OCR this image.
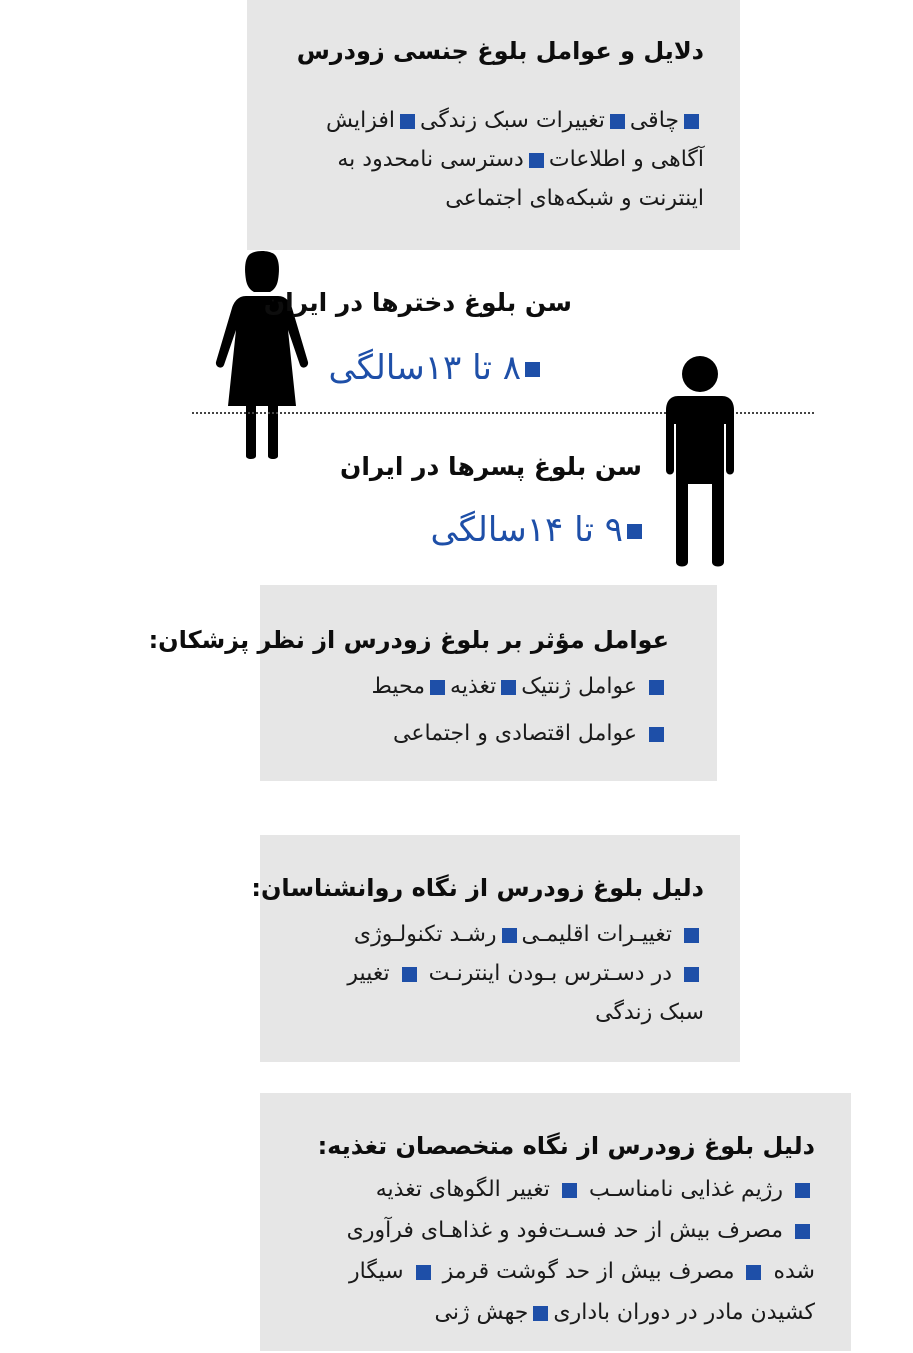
دلایل و عوامل بلوغ جنسی زودرس
چاقیتغییرات سبک زندگیافزایش
آگاهی و اطلاعاتدسترسی نامحدود به
اینترنت و شبکه‌های اجتماعی
سن بلوغ دخترها در ایران
۸ تا ۱۳سالگی
سن بلوغ پسرها در ایران
۹ تا ۱۴سالگی
عوامل مؤثر بر بلوغ زودرس از نظر پزشکان:
عوامل ژنتیکتغذیهمحیط
عوامل اقتصادی و اجتماعی
دلیل بلوغ زودرس از نگاه روانشناسان:
تغییـرات اقلیمـیرشـد تکنولـوژی
در دسـترس بـودن اینترنـت  تغییر
سبک زندگی
دلیل بلوغ زودرس از نگاه متخصصان تغذیه:
رژیم غذایی نامناسـب  تغییر الگوهای تغذیه
مصرف بیش از حد فسـت‌فود و غذاهـای فرآوری
شده  مصرف بیش از حد گوشت قرمز  سیگار
کشیدن مادر در دوران باداریجهش ژنی
